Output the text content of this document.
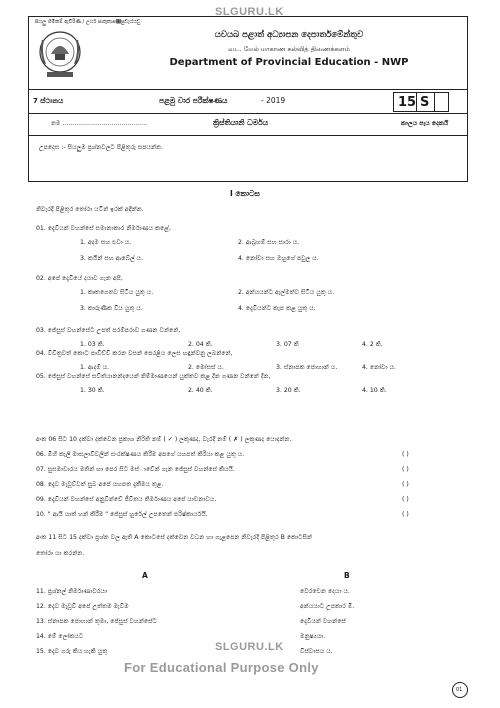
SLGURU.LK
සියලු හිමිකම් ඇවිරිණි / උයර් පාතුකාප෍පුඩැය්යඩු
යවයබ පළාත් අධ්‍යාපන දෙපාර්තමේන්තුව
வட. மேல் மாகாண கல்வித் திணைக்களம்
Department of Provincial Education - NWP
7 ස්ථානය	පළමු වාර පරීක්ෂණය	- 2019	15 S
නම ...........................................	ක්‍රිස්තියානි ධර්මය	කාලය පැය දෙකයි
උපදෙස :- සියලුම ප්‍රශ්නවලට පිළිතුරු සපයන්න.
I කොටස
නිවැරදි පිළිතුර තෝරා යටින් ඉරක් අඳින්න.
01. දෙැවියන් වහන්සේ සමානාකාර නිර්මාණය කළේ,
1. අදම සහ එවා ය.	2. ආබ්‍රහම් සහ සාරා ය.
3. කයින් සහ ආබේල් ය.	4. නෝවා සහ ඔහුගේ පවුල ය.
02. අපේ දෙැවියේ දයාව ගැන අපි,
1. කෘතගෙතව සිටිය යුතු ය.	2. අන්යයන්ට ඇල්මත්ව සිටිය යුතු ය.
3. කාරුණික විය යුතු ය.	4. දෙැවියන්ට කැප කළ යුතු ය.
03. ජේසුස් වහන්සේට උපත් පරම්පරාව ගණන වන්නේ,
1. 03 කි.	2. 04 කි.	3. 07 කි	4. 2 කි.
04. විචිත්‍රවත් කොට පාවිච්චි කරන වසන් පෙරළිය ලෙස හඳුන්වනු ලබන්නේ,
1. ආදම් ය.	2. මෝසස් ය.	3. ස්නාපක ජොහාන් ය.	4. නෝවා ය.
05. ජේසුස් වහන්සේ සචිත්යානන්දයෙන් නිම්මාණයෙන් යුක්තව කළ දින ගණන වන්නේ දින,
1. 30 කි.	2. 40 කි.	3. 20 කි.	4. 10 කි.
අංක 06 සිට 10 දක්වා දක්වෙන ප්‍රකාශ නිරිති නම් ( ✓ ) ලකුණද, වැරදි නම් ( ✗ ) ලකුණද යොදන්න.
06. මිහි කැලි මාසලාවිවලින් සංරක්ෂණය කිරීම අපගේ යහපත් කිරියා කළ යුතු ය.	( )
07. සුසමාචාරය මතින් හා පෙර සිට මස්ාවේන් ගැන ජේසුස් වහන්සේ කියයි.	( )
08. දෙැව මැවූව්වත් සුබ අපේ යහපත දැකීමය තුළ.	( )
09. දෙැවියන් වහන්සේ අනුවින්චේ ජීවිතය තිර්මාණය අපේ යාචනාවය.	( )
10. " ආයි යාත් හන් කිරීම " ජේසුස් හුරේල් උපතෙන් පරිෂ්කාර්යයි.	( )
අංක 11 සිට 15 දක්වා ප්‍රශ්න වල ඇති A කොටසේ දක්වෙන වධන හා ගැළපෙන නිවැරදි පිළිතුර B කොටසින්
තෝරා යා කරන්න.
A	B
11. ප්‍රශ්නල් නිර්මාණාවරයා	වෙරචෙන දෙයා ය.
12. දෙැව මැවූවි අපේ උත්තම මැවීම	අන්යයාට උපකාර මි.
13. ස්නාපක ජොහාන් තුමා, ජේසුස් වහන්සේට	දෙැවියන් වහන්සේ
14. මේ ලෝකයට	මනුෂ්‍යයා.
15. දෙැව ගරු කිය හැකි යුතු	විස්වාසය ය.
SLGURU.LK
For Educational Purpose Only
01
